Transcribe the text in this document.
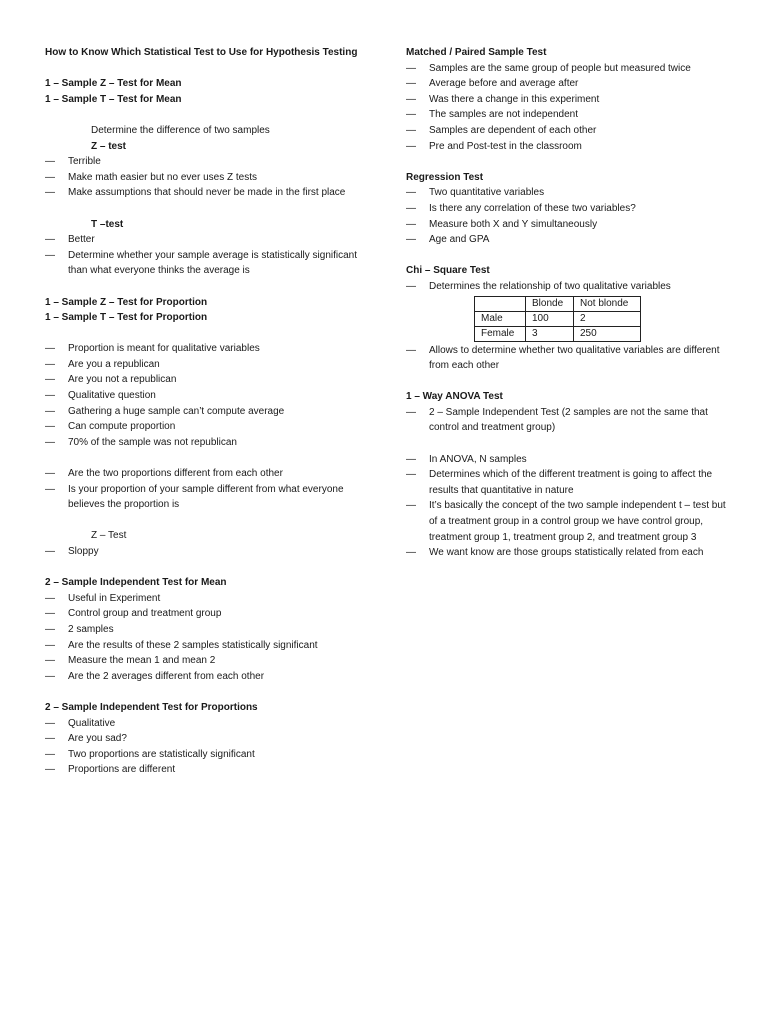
How to Know Which Statistical Test to Use for Hypothesis Testing

1 – Sample Z – Test for Mean

1 – Sample T – Test for Mean

Determine the difference of two samples

Z – test

—	Terrible
—	Make math easier but no ever uses Z tests
—	Make assumptions that should never be made in the first place

T –test

—	Better
—	Determine whether your sample average is statistically significant than what everyone thinks the average is

1 – Sample Z – Test for Proportion

1 – Sample T – Test for Proportion

—	Proportion is meant for qualitative variables
—	Are you a republican
—	Are you not a republican
—	Qualitative question
—	Gathering a huge sample can’t compute average
—	Can compute proportion
—	70% of the sample was not republican
—	Are the two proportions different from each other
—	Is your proportion of your sample different from what everyone believes the proportion is

Z – Test

—	Sloppy

2 – Sample Independent Test for Mean

—	Useful in Experiment
—	Control group and treatment group
—	2 samples
—	Are the results of these 2 samples statistically significant
—	Measure the mean 1 and mean 2
—	Are the 2 averages different from each other

2 – Sample Independent Test for Proportions

—	Qualitative
—	Are you sad?
—	Two proportions are statistically significant
—	Proportions are different

Matched / Paired Sample Test

—	Samples are the same group of people but measured twice
—	Average before and average after
—	Was there a change in this experiment
—	The samples are not independent
—	Samples are dependent of each other
—	Pre and Post-test in the classroom

Regression Test

—	Two quantitative variables
—	Is there any correlation of these two variables?
—	Measure both X and Y simultaneously
—	Age and GPA

Chi – Square Test

—	Determines the relationship of two qualitative variables
	Blonde	Not blonde
Male	100	2
Female	3	250
—	Allows to determine whether two qualitative variables are different from each other

1 – Way ANOVA Test

—	2 – Sample Independent Test (2 samples are not the same that control and treatment group)
—	In ANOVA, N samples
—	Determines which of the different treatment is going to affect the results that quantitative in nature
—	It’s basically the concept of the two sample independent t – test but of a treatment group in a control group we have control group, treatment group 1, treatment group 2, and treatment group 3
—	We want know are those groups statistically related from each
